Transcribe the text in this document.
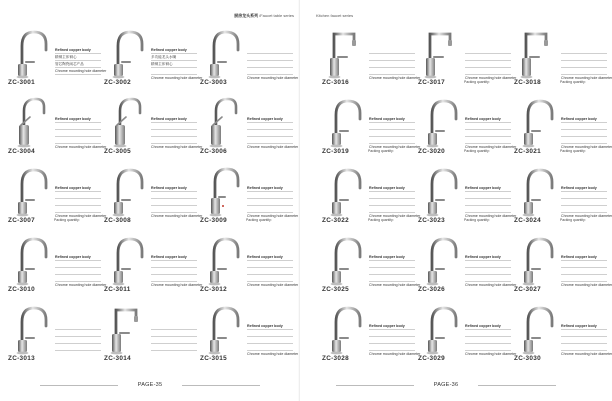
厨房龙头系列/Faucet table series
Refined copper body
精铜主体铜心
管芯陶瓷阀芯产品
Chrome mounting hole diameter

ZC-3001
Refined copper body
多功能龙头水嘴
精铜主体铜心

Chrome mounting hole diameter
ZC-3002

Chrome mounting hole diameter
ZC-3003
Refined copper body

Chrome mounting hole diameter
ZC-3004
Refined copper body

Chrome mounting hole diameter
ZC-3005
Refined copper body

Chrome mounting hole diameter
ZC-3006
Refined copper body

Chrome mounting hole diameter
ZC-3007	Packing quantity:
Refined copper body

Chrome mounting hole diameter
ZC-3008
Refined copper body

Chrome mounting hole diameter
ZC-3009	Packing quantity:
Refined copper body

Chrome mounting hole diameter
ZC-3010
Refined copper body

Chrome mounting hole diameter
ZC-3011
Refined copper body

Chrome mounting hole diameter
ZC-3012

ZC-3013

	ZC-3014
Refined copper body

Chrome mounting hole diameter
ZC-3015
PAGE-35
Kitchen faucet series

Chrome mounting hole diameter
ZC-3016

Chrome mounting hole diameter
ZC-3017	Packing quantity:

Chrome mounting hole diameter
ZC-3018	Packing quantity:
Refined copper body

Chrome mounting hole diameter
ZC-3019	Packing quantity:
Refined copper body

Chrome mounting hole diameter
ZC-3020	Packing quantity:
Refined copper body

Chrome mounting hole diameter
ZC-3021	Packing quantity:
Refined copper body

Chrome mounting hole diameter
ZC-3022	Packing quantity:
Refined copper body

Chrome mounting hole diameter
ZC-3023	Packing quantity:
Refined copper body

Chrome mounting hole diameter
ZC-3024	Packing quantity:
Refined copper body

Chrome mounting hole diameter
ZC-3025
Refined copper body

Chrome mounting hole diameter
ZC-3026
Refined copper body

Chrome mounting hole diameter
ZC-3027
Refined copper body

Chrome mounting hole diameter
ZC-3028
Refined copper body

Chrome mounting hole diameter
ZC-3029
Refined copper body

Chrome mounting hole diameter
ZC-3030
PAGE-36
